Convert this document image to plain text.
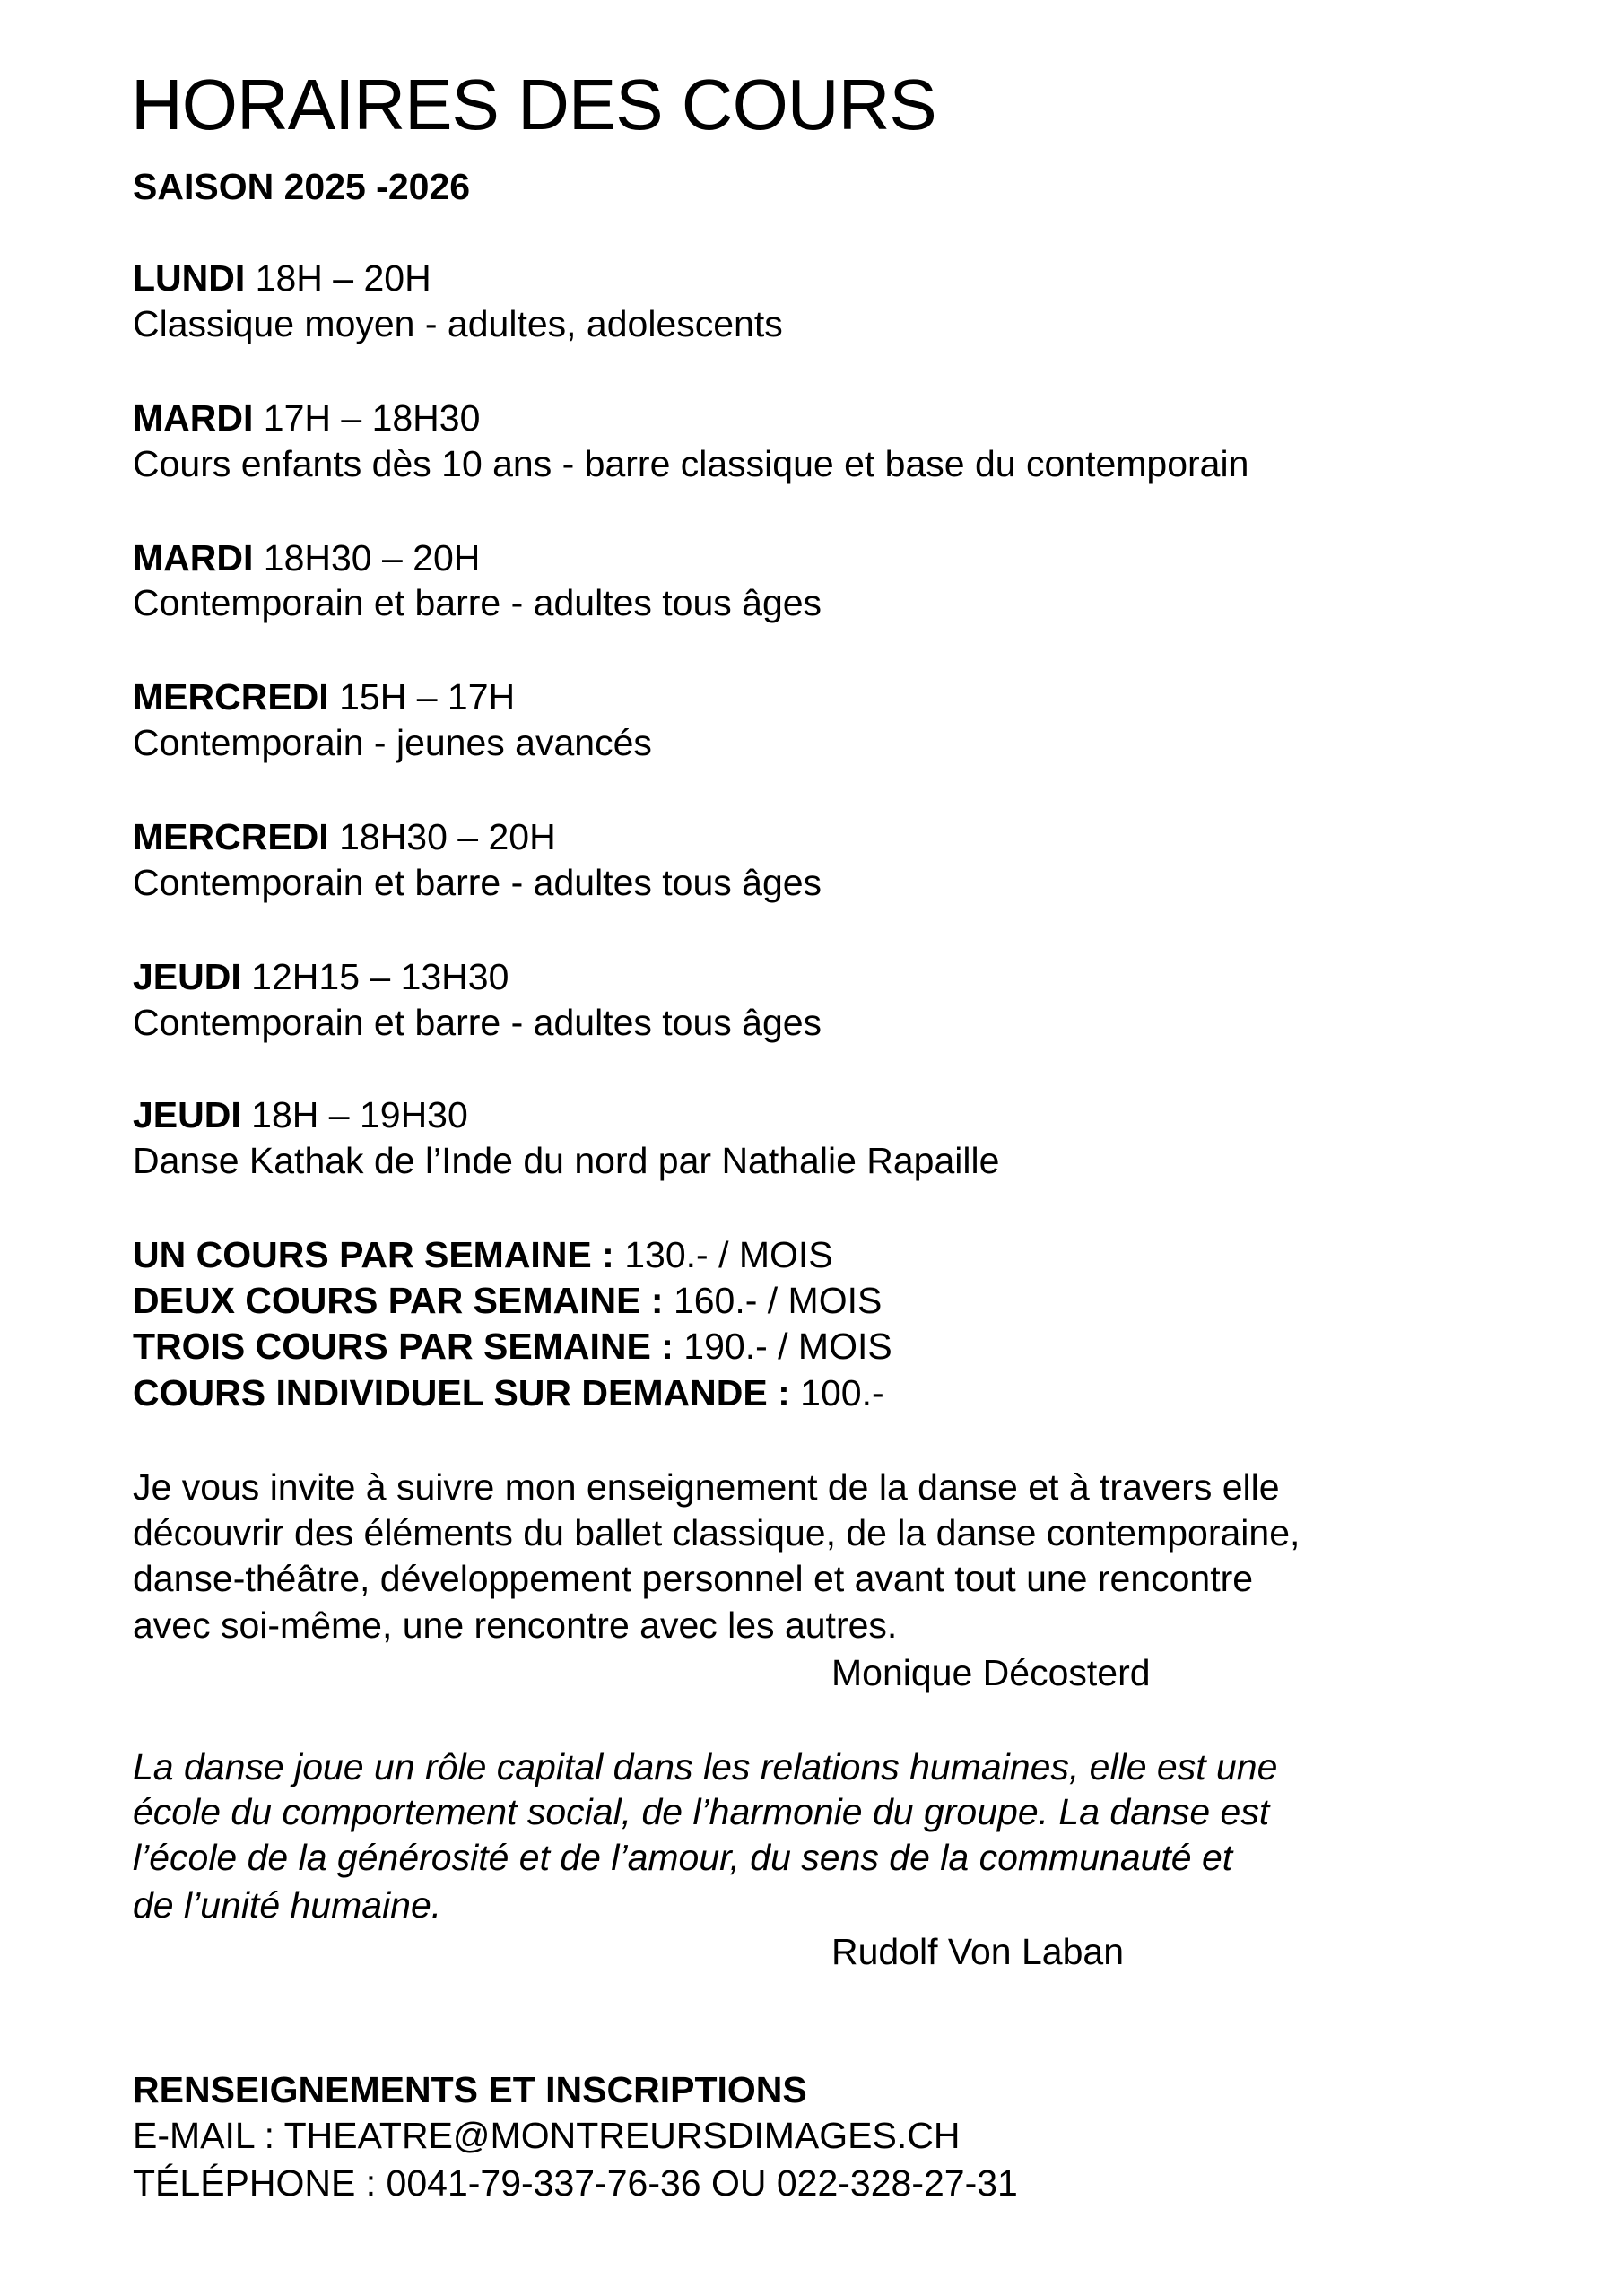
HORAIRES DES COURS
SAISON 2025 -2026
LUNDI 18H – 20H
Classique moyen - adultes, adolescents
MARDI 17H – 18H30
Cours enfants dès 10 ans - barre classique et base du contemporain
MARDI 18H30 – 20H
Contemporain et barre - adultes tous âges
MERCREDI 15H – 17H
Contemporain - jeunes avancés
MERCREDI 18H30 – 20H
Contemporain et barre - adultes tous âges
JEUDI 12H15 – 13H30
Contemporain et barre - adultes tous âges
JEUDI 18H – 19H30
Danse Kathak de l’Inde du nord par Nathalie Rapaille
UN COURS PAR SEMAINE : 130.- / MOIS
DEUX COURS PAR SEMAINE : 160.- / MOIS
TROIS COURS PAR SEMAINE : 190.- / MOIS
COURS INDIVIDUEL SUR DEMANDE : 100.-
Je vous invite à suivre mon enseignement de la danse et à travers elle
découvrir des éléments du ballet classique, de la danse contemporaine,
danse-théâtre, développement personnel et avant tout une rencontre
avec soi-même, une rencontre avec les autres.
Monique Décosterd
La danse joue un rôle capital dans les relations humaines, elle est une
école du comportement social, de l’harmonie du groupe. La danse est
l’école de la générosité et de l’amour, du sens de la communauté et
de l’unité humaine.
Rudolf Von Laban
RENSEIGNEMENTS ET INSCRIPTIONS
E-MAIL : THEATRE@MONTREURSDIMAGES.CH
TÉLÉPHONE : 0041-79-337-76-36 OU 022-328-27-31
